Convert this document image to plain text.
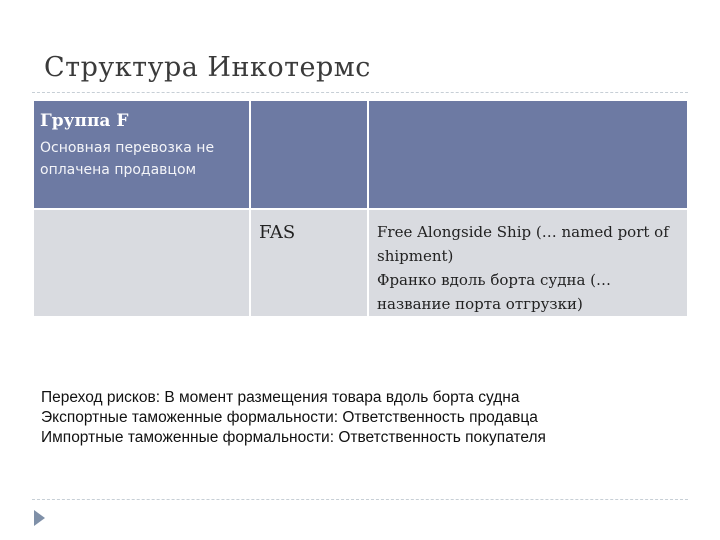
Структура Инкотермс
Группа F
Основная перевозка не оплачена продавцом		

	FAS	Free Alongside Ship (… named port of shipment)
Франко вдоль борта судна (… название порта отгрузки)
Переход рисков: В момент размещения товара вдоль борта судна
Экспортные таможенные формальности: Ответственность продавца
Импортные таможенные формальности: Ответственность покупателя
